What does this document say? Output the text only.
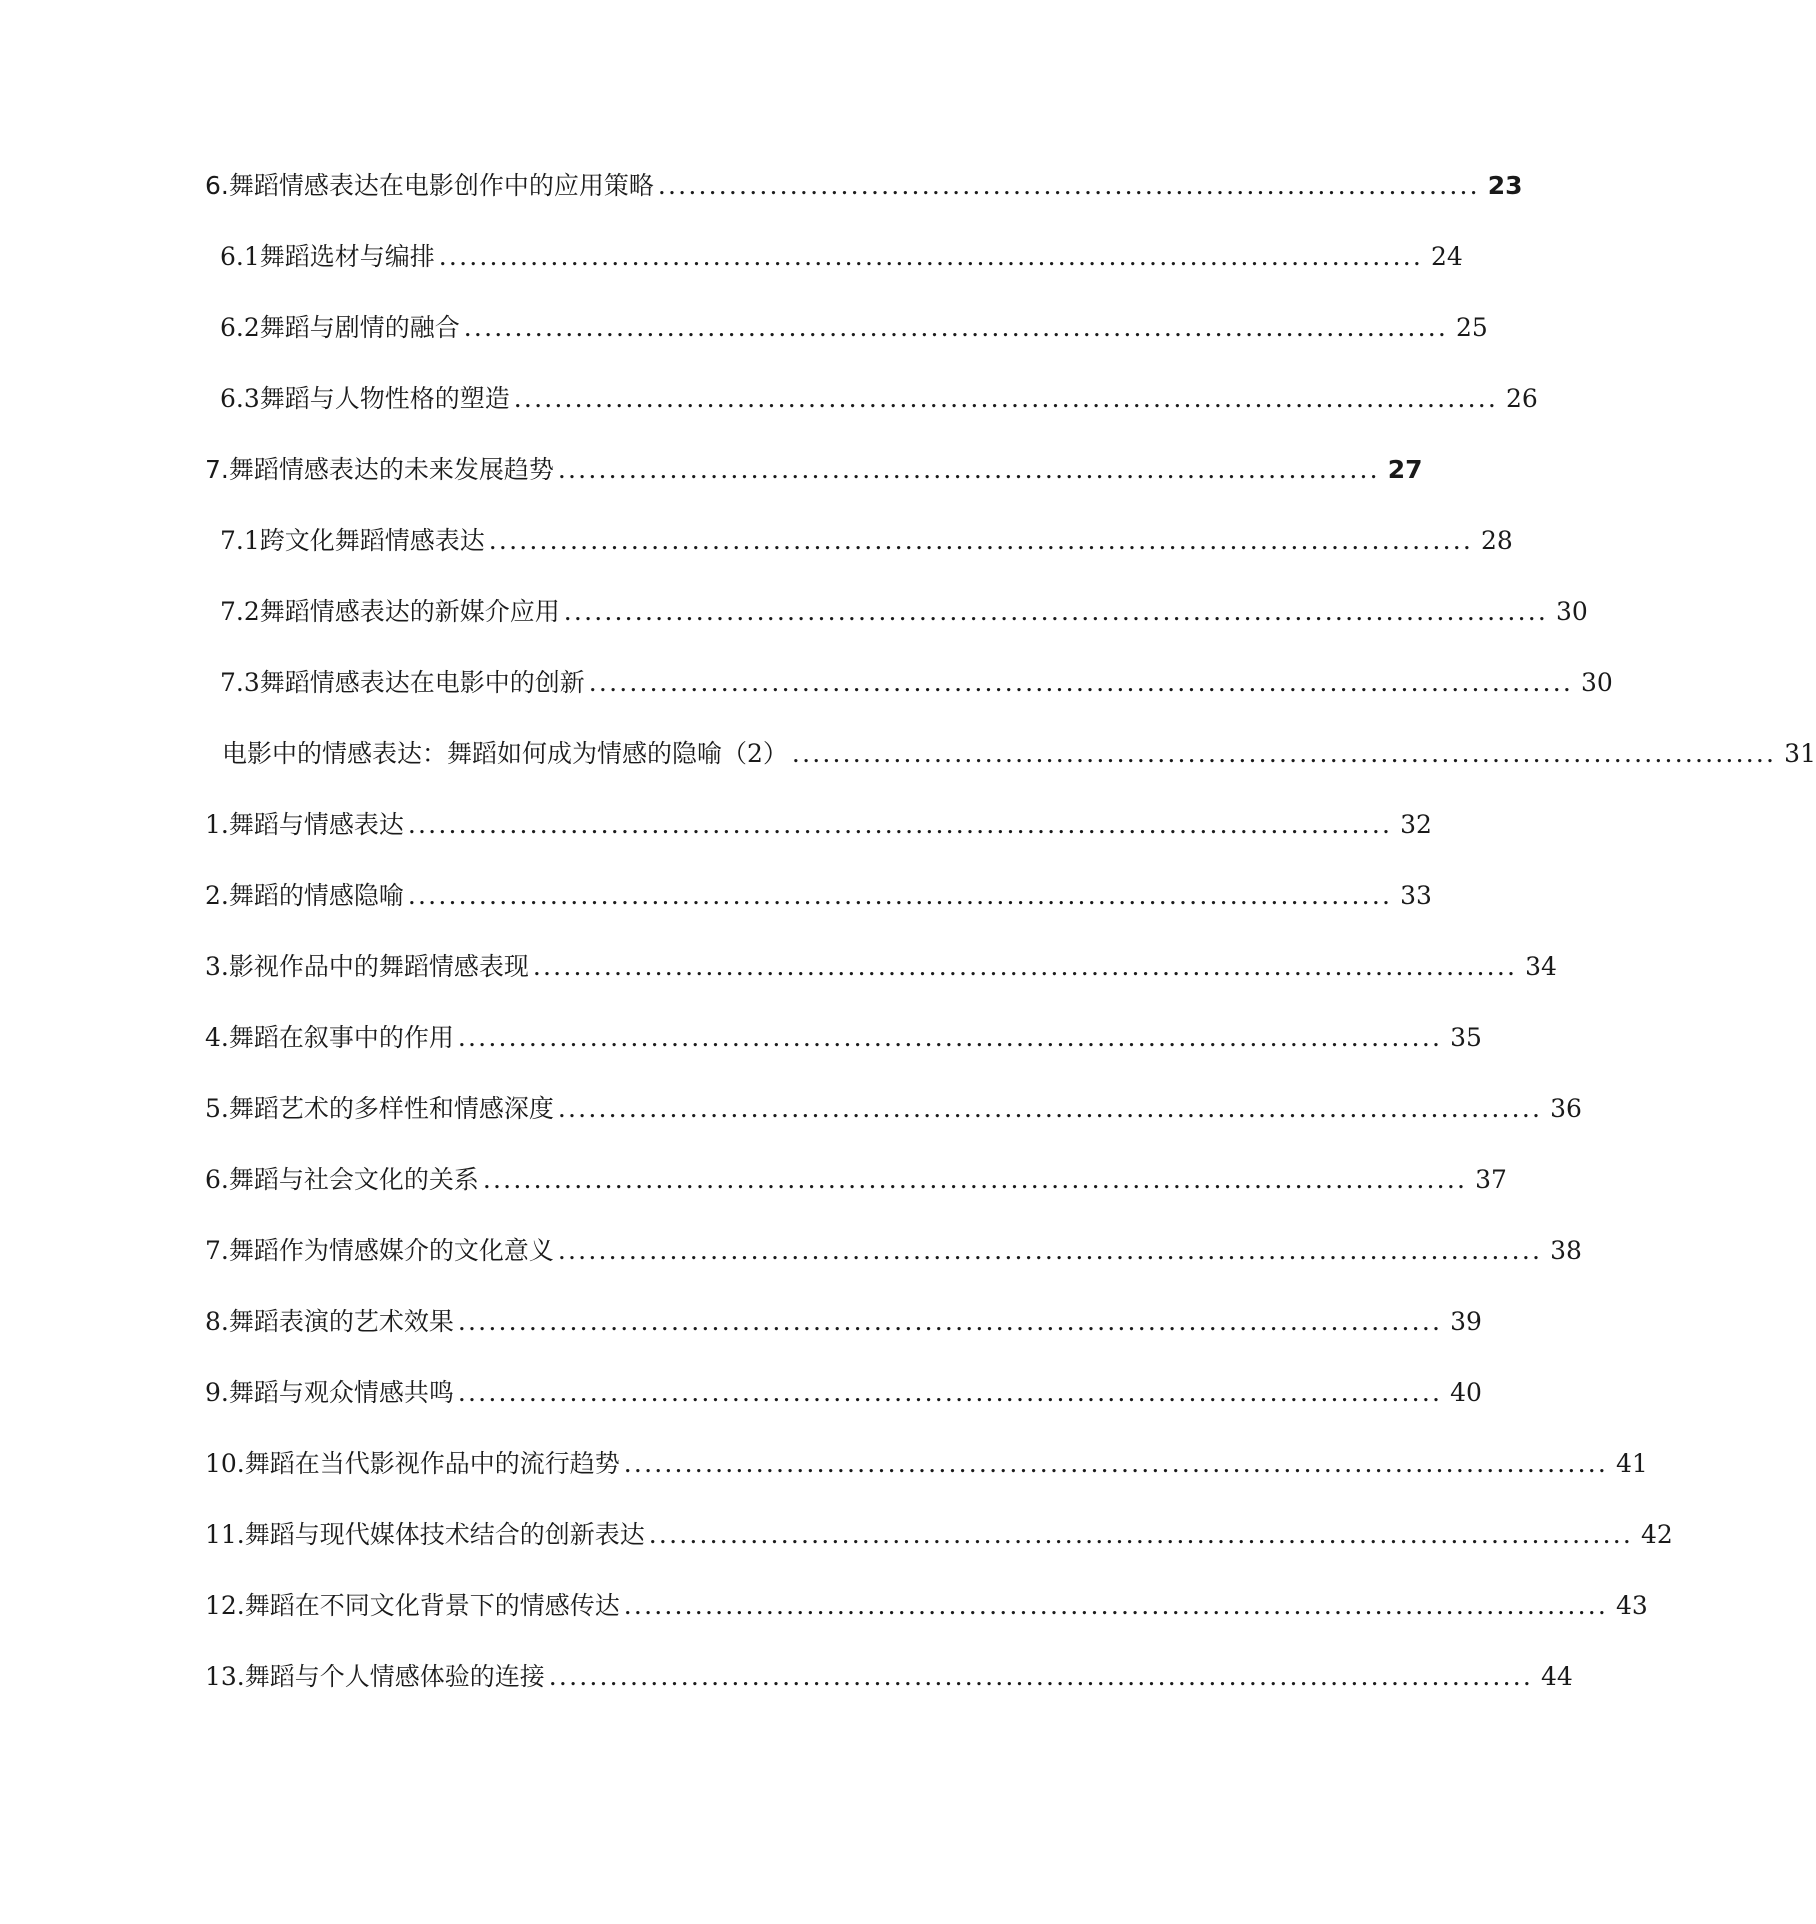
6. 舞蹈情感表达在电影创作中的应用策略 ................................................................................. 23
6.1 舞蹈选材与编排 ................................................................................................. 24
6.2 舞蹈与剧情的融合 ................................................................................................. 25
6.3 舞蹈与人物性格的塑造 ................................................................................................. 26
7. 舞蹈情感表达的未来发展趋势 ................................................................................. 27
7.1 跨文化舞蹈情感表达 ................................................................................................. 28
7.2 舞蹈情感表达的新媒介应用 ................................................................................................. 30
7.3 舞蹈情感表达在电影中的创新 ................................................................................................. 30
电影中的情感表达：舞蹈如何成为情感的隐喻（2） ................................................................................................. 31
1. 舞蹈与情感表达 ................................................................................................. 32
2. 舞蹈的情感隐喻 ................................................................................................. 33
3. 影视作品中的舞蹈情感表现 ................................................................................................. 34
4. 舞蹈在叙事中的作用 ................................................................................................. 35
5. 舞蹈艺术的多样性和情感深度 ................................................................................................. 36
6. 舞蹈与社会文化的关系 ................................................................................................. 37
7. 舞蹈作为情感媒介的文化意义 ................................................................................................. 38
8. 舞蹈表演的艺术效果 ................................................................................................. 39
9. 舞蹈与观众情感共鸣 ................................................................................................. 40
10. 舞蹈在当代影视作品中的流行趋势 ................................................................................................. 41
11. 舞蹈与现代媒体技术结合的创新表达 ................................................................................................. 42
12. 舞蹈在不同文化背景下的情感传达 ................................................................................................. 43
13. 舞蹈与个人情感体验的连接 ................................................................................................. 44
